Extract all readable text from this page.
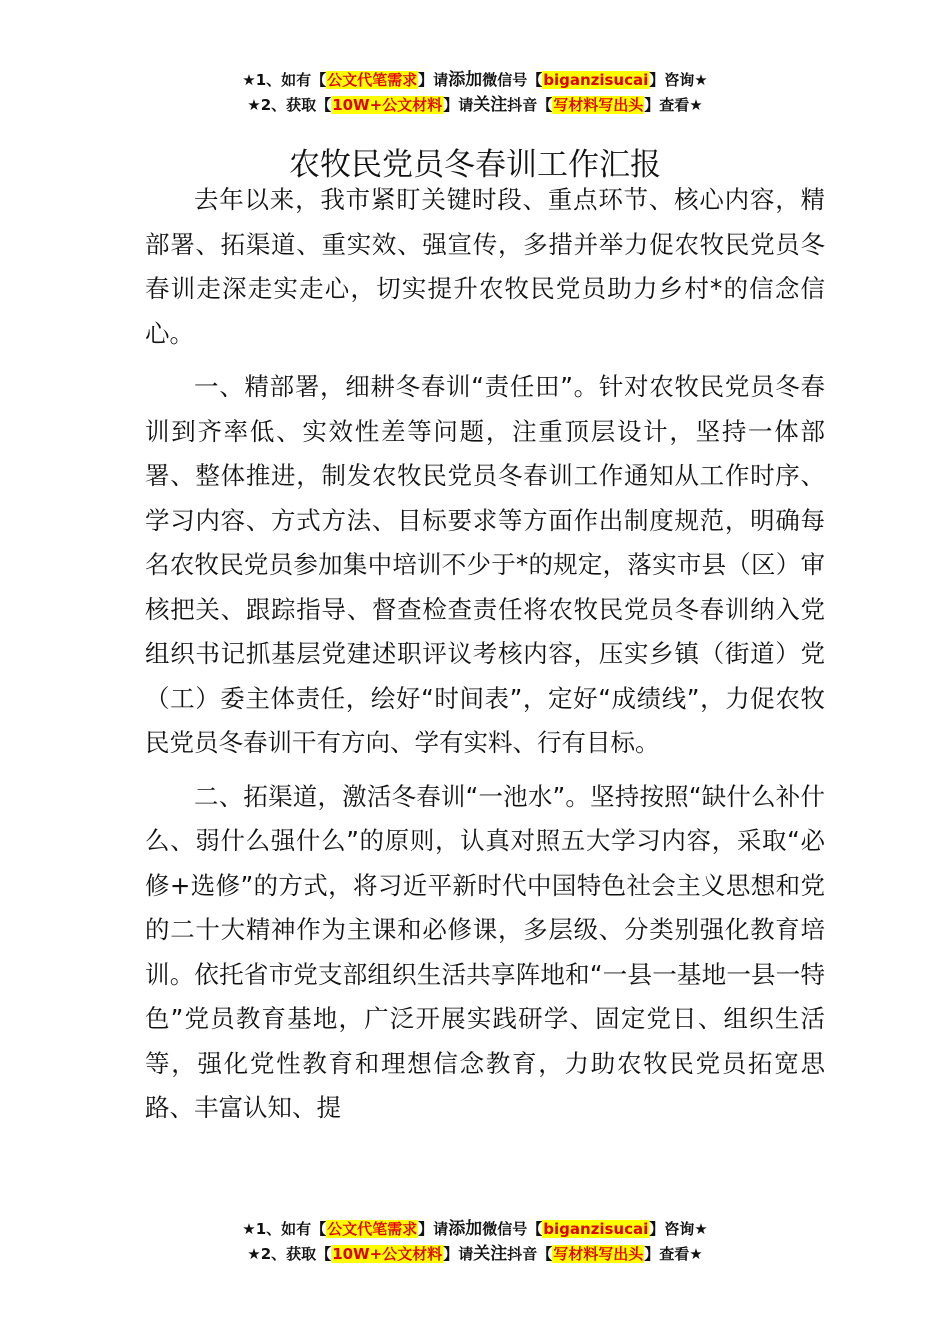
★1、如有【公文代笔需求】请添加微信号【biganzisucai】咨询★
★2、获取【10W+公文材料】请关注抖音【写材料写出头】查看★
农牧民党员冬春训工作汇报

去年以来，我市紧盯关键时段、重点环节、核心内容，精部署、拓渠道、重实效、强宣传，多措并举力促农牧民党员冬春训走深走实走心，切实提升农牧民党员助力乡村*的信念信心。

一、精部署，细耕冬春训“责任田”。针对农牧民党员冬春训到齐率低、实效性差等问题，注重顶层设计，坚持一体部署、整体推进，制发农牧民党员冬春训工作通知从工作时序、学习内容、方式方法、目标要求等方面作出制度规范，明确每名农牧民党员参加集中培训不少于*的规定，落实市县（区）审核把关、跟踪指导、督查检查责任将农牧民党员冬春训纳入党组织书记抓基层党建述职评议考核内容，压实乡镇（街道）党（工）委主体责任，绘好“时间表”，定好“成绩线”，力促农牧民党员冬春训干有方向、学有实料、行有目标。

二、拓渠道，激活冬春训“一池水”。坚持按照“缺什么补什么、弱什么强什么”的原则，认真对照五大学习内容，采取“必修+选修”的方式，将习近平新时代中国特色社会主义思想和党的二十大精神作为主课和必修课，多层级、分类别强化教育培训。依托省市党支部组织生活共享阵地和“一县一基地一县一特色”党员教育基地，广泛开展实践研学、固定党日、组织生活等，强化党性教育和理想信念教育，力助农牧民党员拓宽思路、丰富认知、提

★1、如有【公文代笔需求】请添加微信号【biganzisucai】咨询★
★2、获取【10W+公文材料】请关注抖音【写材料写出头】查看★
